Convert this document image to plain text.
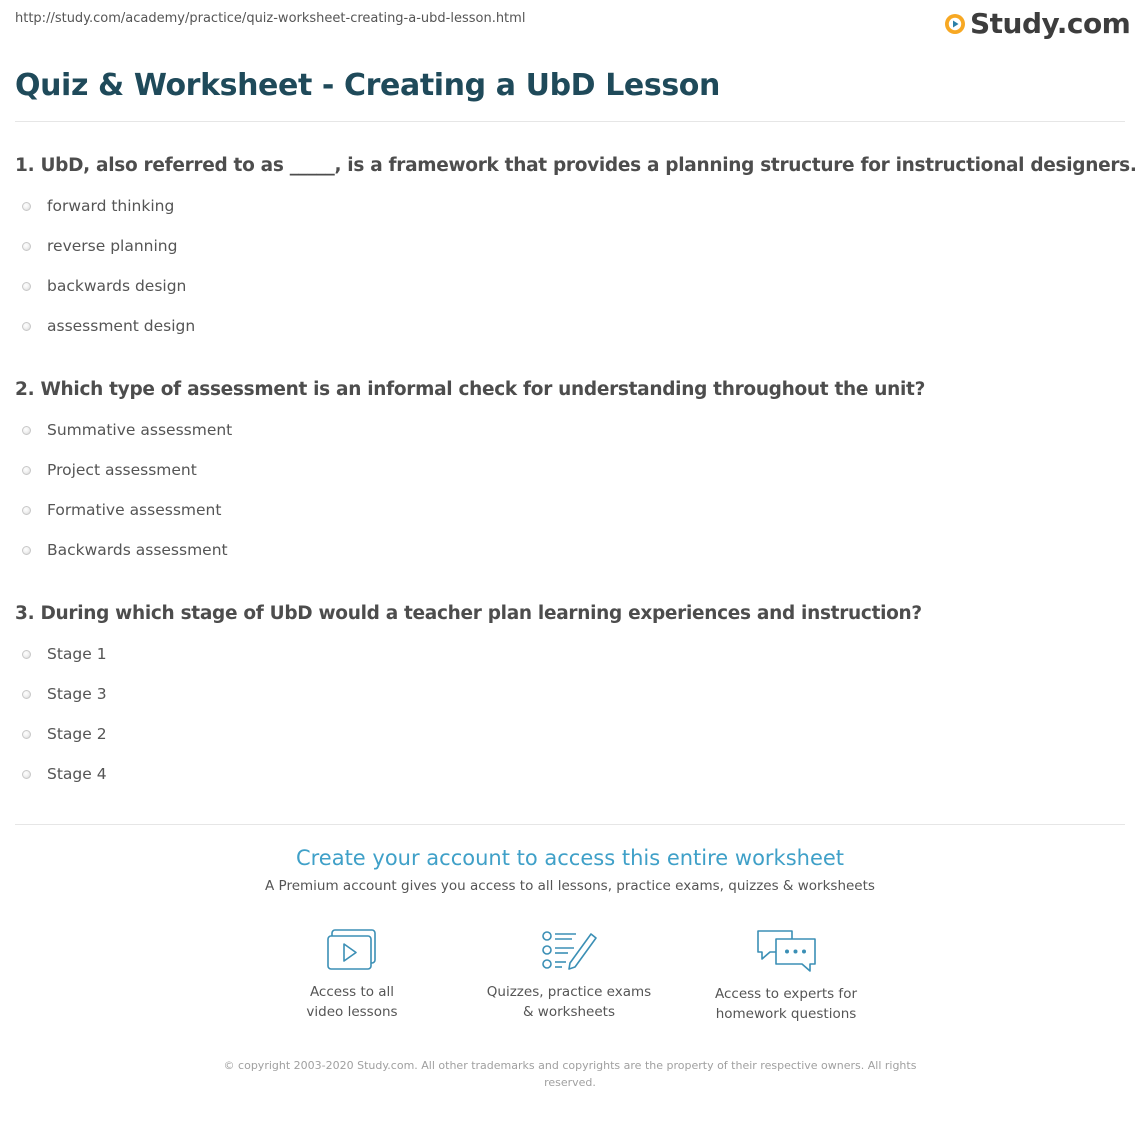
http://study.com/academy/practice/quiz-worksheet-creating-a-ubd-lesson.html	Study.com
Quiz & Worksheet - Creating a UbD Lesson
1. UbD, also referred to as _____, is a framework that provides a planning structure for instructional designers.
forward thinking
reverse planning
backwards design
assessment design
2. Which type of assessment is an informal check for understanding throughout the unit?
Summative assessment
Project assessment
Formative assessment
Backwards assessment
3. During which stage of UbD would a teacher plan learning experiences and instruction?
Stage 1
Stage 3
Stage 2
Stage 4
Create your account to access this entire worksheet
A Premium account gives you access to all lessons, practice exams, quizzes & worksheets
Access to all
video lessons
Quizzes, practice exams
& worksheets
Access to experts for
homework questions
© copyright 2003-2020 Study.com. All other trademarks and copyrights are the property of their respective owners. All rights
reserved.
